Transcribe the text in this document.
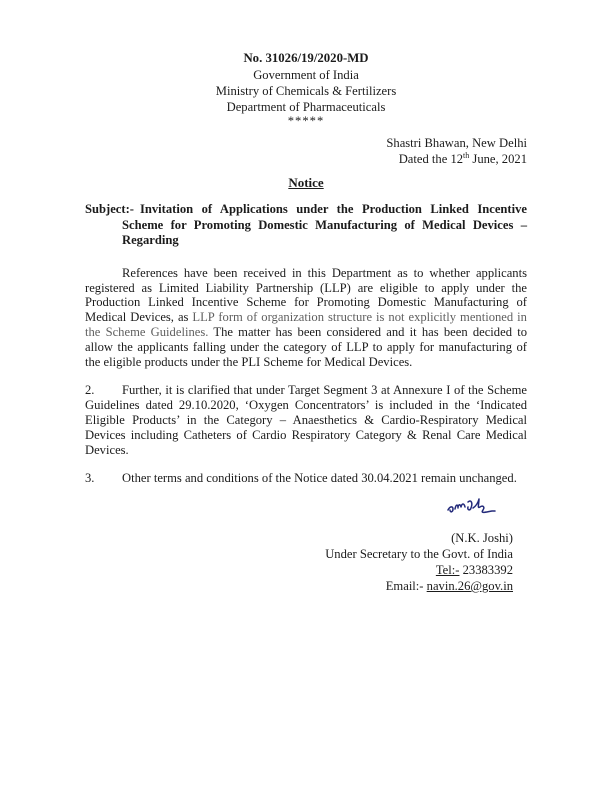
No. 31026/19/2020-MD
Government of India
Ministry of Chemicals & Fertilizers
Department of Pharmaceuticals
*****
Shastri Bhawan, New Delhi
Dated the 12th June, 2021
Notice
Subject:- Invitation of Applications under the Production Linked Incentive Scheme for Promoting Domestic Manufacturing of Medical Devices – Regarding
References have been received in this Department as to whether applicants registered as Limited Liability Partnership (LLP) are eligible to apply under the Production Linked Incentive Scheme for Promoting Domestic Manufacturing of Medical Devices, as LLP form of organization structure is not explicitly mentioned in the Scheme Guidelines. The matter has been considered and it has been decided to allow the applicants falling under the category of LLP to apply for manufacturing of the eligible products under the PLI Scheme for Medical Devices.
2. Further, it is clarified that under Target Segment 3 at Annexure I of the Scheme Guidelines dated 29.10.2020, ‘Oxygen Concentrators’ is included in the ‘Indicated Eligible Products’ in the Category – Anaesthetics & Cardio-Respiratory Medical Devices including Catheters of Cardio Respiratory Category & Renal Care Medical Devices.
3. Other terms and conditions of the Notice dated 30.04.2021 remain unchanged.
(N.K. Joshi)
Under Secretary to the Govt. of India
Tel:- 23383392
Email:- navin.26@gov.in
